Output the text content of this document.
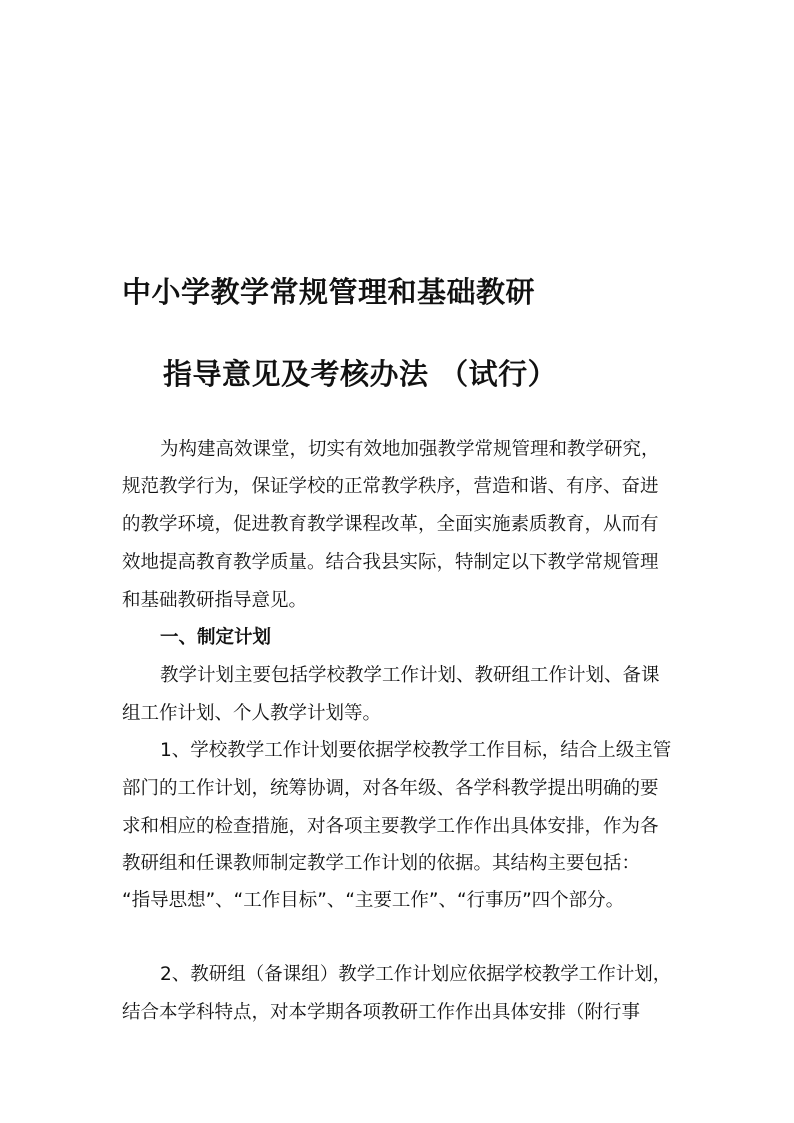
中小学教学常规管理和基础教研
指导意见及考核办法 （试行）
为构建高效课堂，切实有效地加强教学常规管理和教学研究，
规范教学行为，保证学校的正常教学秩序，营造和谐、有序、奋进
的教学环境，促进教育教学课程改革，全面实施素质教育，从而有
效地提高教育教学质量。结合我县实际，特制定以下教学常规管理
和基础教研指导意见。
一、制定计划
教学计划主要包括学校教学工作计划、教研组工作计划、备课
组工作计划、个人教学计划等。
1、学校教学工作计划要依据学校教学工作目标，结合上级主管
部门的工作计划，统筹协调，对各年级、各学科教学提出明确的要
求和相应的检查措施，对各项主要教学工作作出具体安排，作为各
教研组和任课教师制定教学工作计划的依据。其结构主要包括：
“指导思想”、“工作目标”、“主要工作”、“行事历”四个部分。
2、教研组（备课组）教学工作计划应依据学校教学工作计划，
结合本学科特点，对本学期各项教研工作作出具体安排（附行事
